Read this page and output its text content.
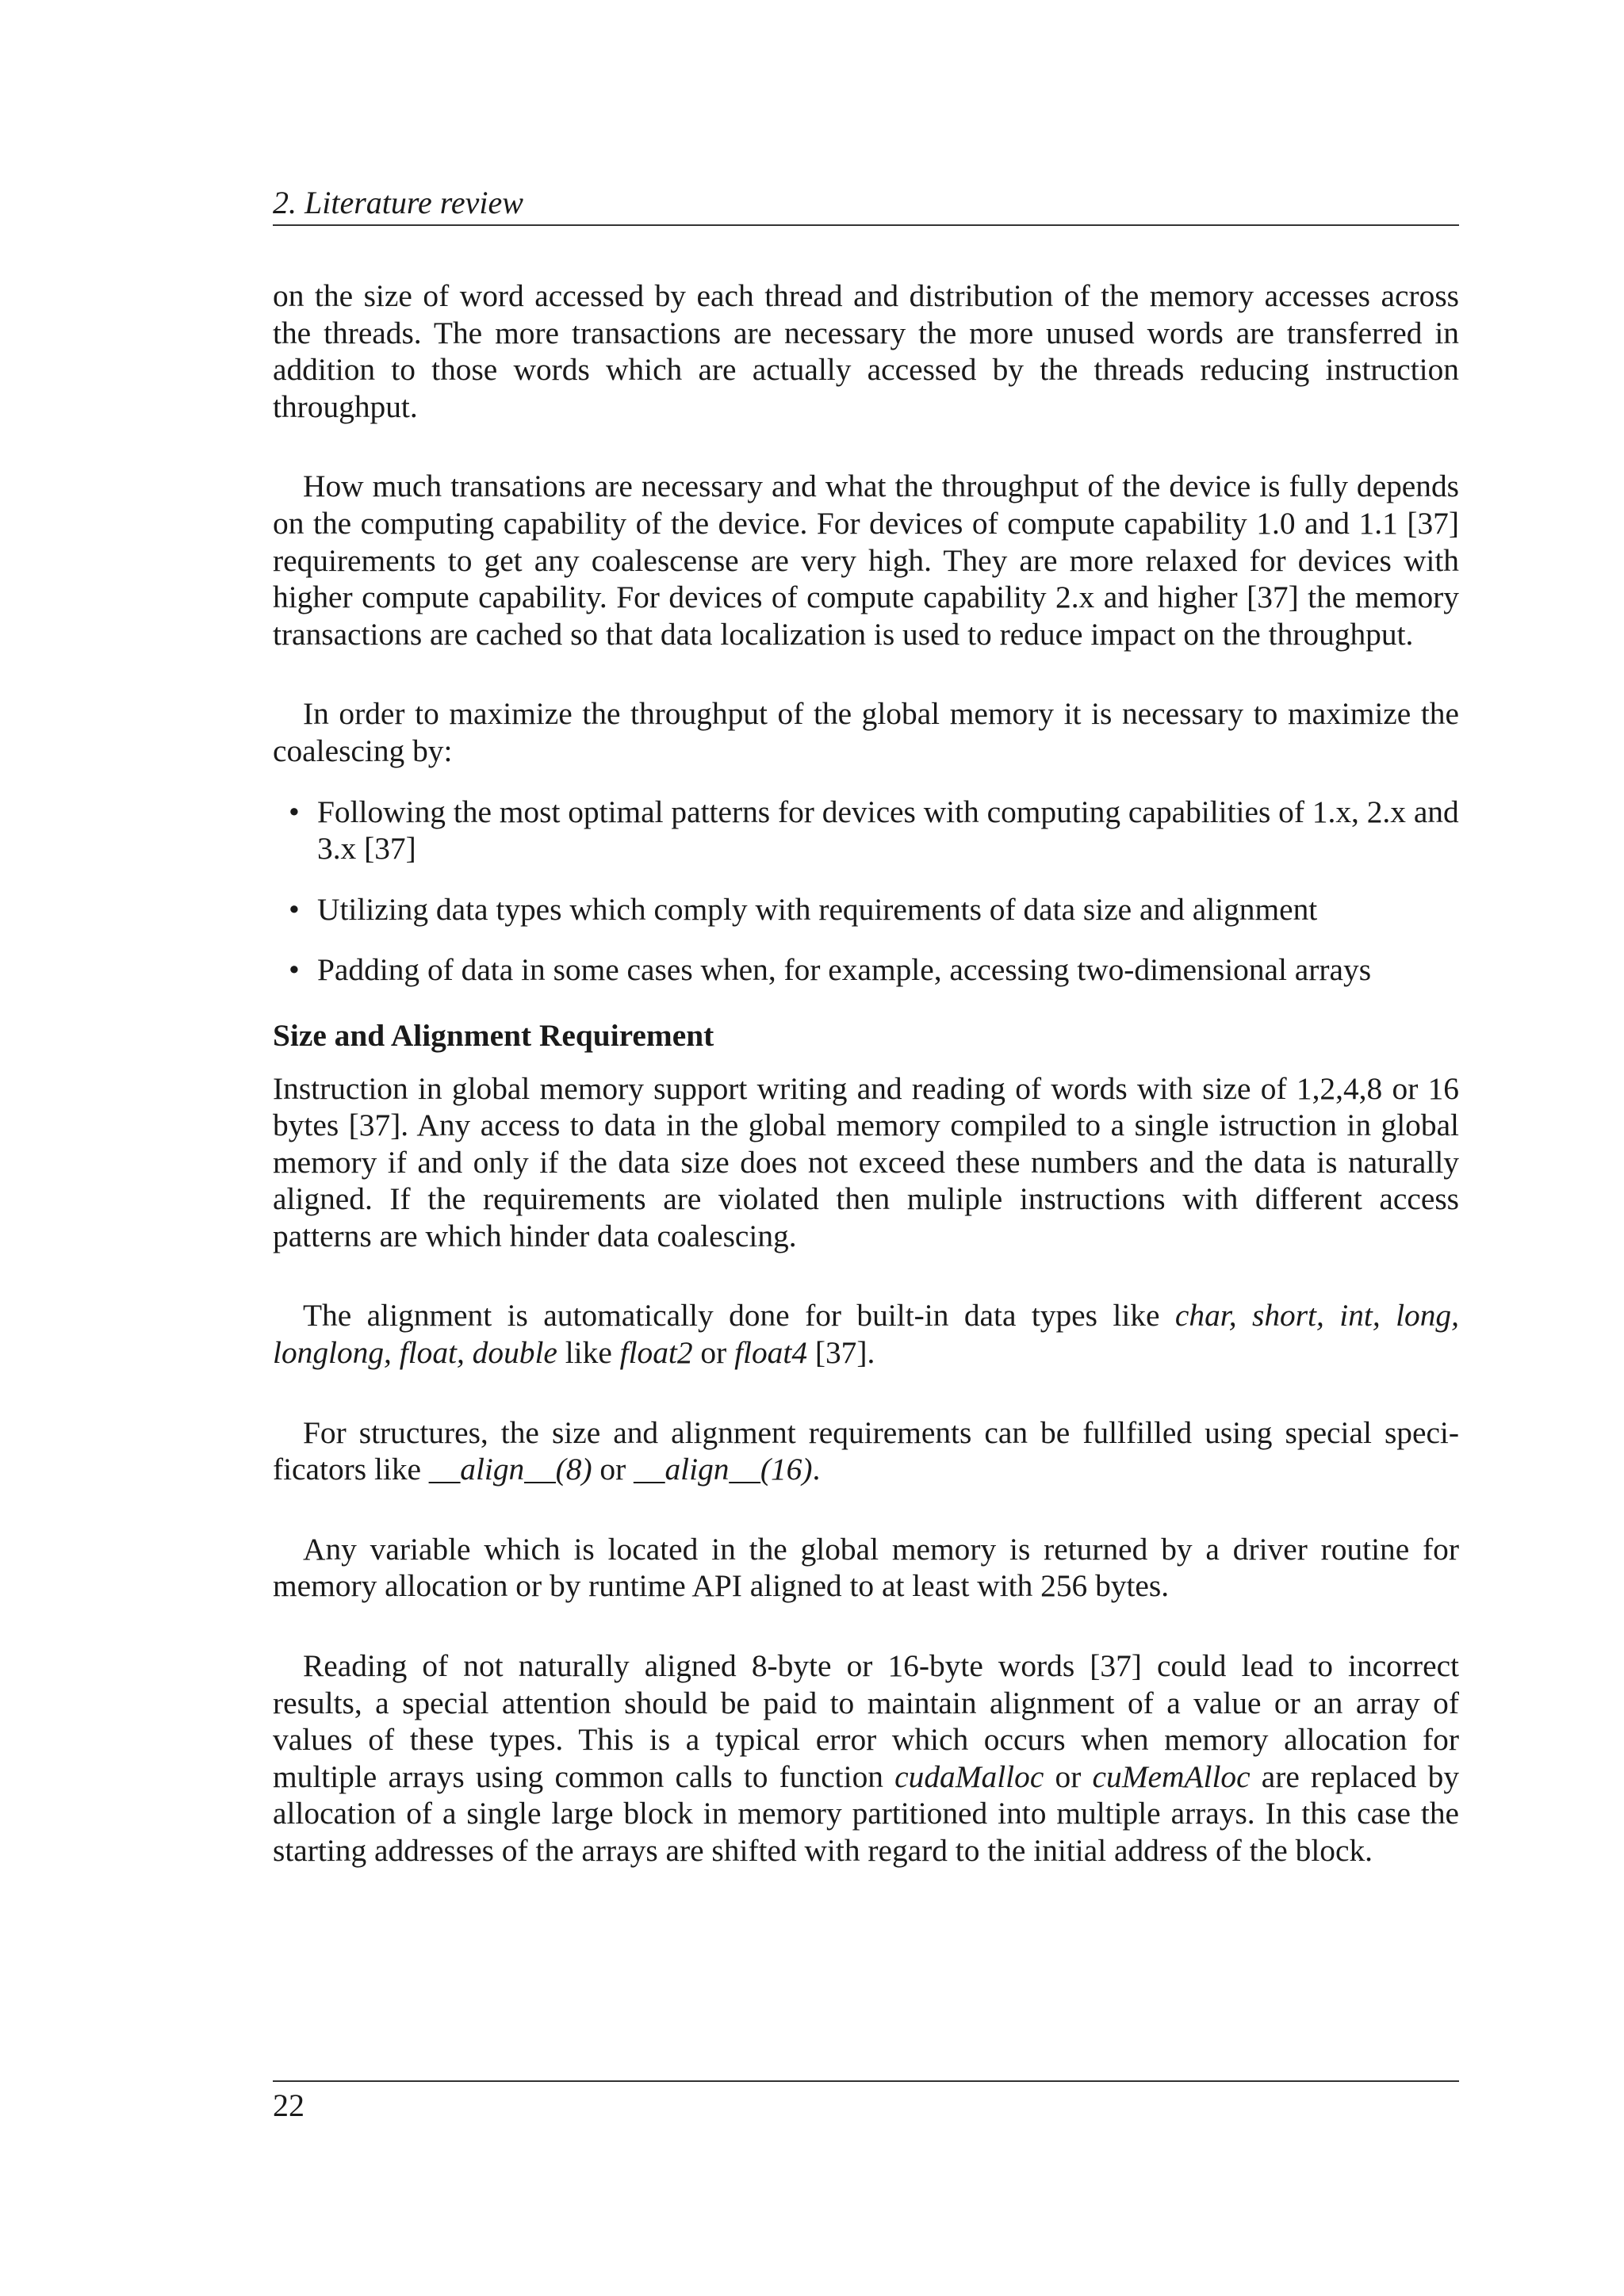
2. Literature review

on the size of word accessed by each thread and distribution of the memory accesses across the threads. The more transactions are necessary the more unused words are transferred in addition to those words which are actually accessed by the threads reducing instruction throughput.

How much transations are necessary and what the throughput of the device is fully depends on the computing capability of the device. For devices of compute capability 1.0 and 1.1 [37] requirements to get any coalescense are very high. They are more relaxed for devices with higher compute capability. For devices of compute capability 2.x and higher [37] the memory transactions are cached so that data localization is used to reduce impact on the throughput.

In order to maximize the throughput of the global memory it is necessary to maximize the coalescing by:

• Following the most optimal patterns for devices with computing capabilities of 1.x, 2.x and 3.x [37]
• Utilizing data types which comply with requirements of data size and alignment
• Padding of data in some cases when, for example, accessing two-dimensional arrays
Size and Alignment Requirement

Instruction in global memory support writing and reading of words with size of 1,2,4,8 or 16 bytes [37]. Any access to data in the global memory compiled to a single istruction in global memory if and only if the data size does not exceed these numbers and the data is naturally aligned. If the requirements are violated then muliple instructions with different access patterns are which hinder data coalescing.

The alignment is automatically done for built-in data types like char, short, int, long, longlong, float, double like float2 or float4 [37].

For structures, the size and alignment requirements can be fullfilled using special speci-ficators like __align__(8) or __align__(16).

Any variable which is located in the global memory is returned by a driver routine for memory allocation or by runtime API aligned to at least with 256 bytes.

Reading of not naturally aligned 8-byte or 16-byte words [37] could lead to incorrect results, a special attention should be paid to maintain alignment of a value or an array of values of these types. This is a typical error which occurs when memory allocation for multiple arrays using common calls to function cudaMalloc or cuMemAlloc are replaced by allocation of a single large block in memory partitioned into multiple arrays. In this case the starting addresses of the arrays are shifted with regard to the initial address of the block.

22
